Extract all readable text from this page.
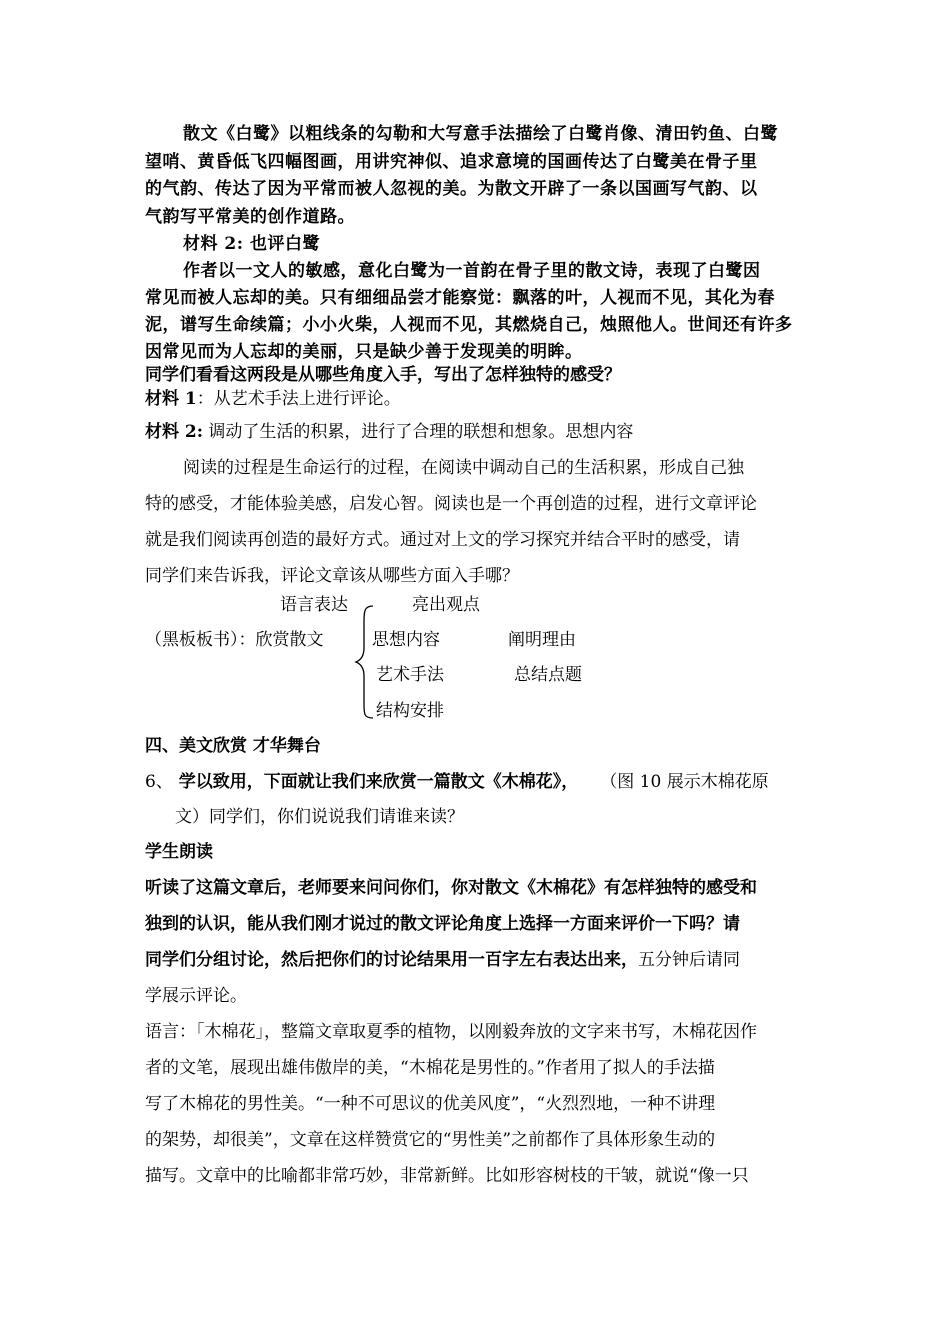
散文《白鹭》以粗线条的勾勒和大写意手法描绘了白鹭肖像、清田钓鱼、白鹭
望哨、黄昏低飞四幅图画，用讲究神似、追求意境的国画传达了白鹭美在骨子里
的气韵、传达了因为平常而被人忽视的美。为散文开辟了一条以国画写气韵、以
气韵写平常美的创作道路。
材料 2: 也评白鹭
作者以一文人的敏感，意化白鹭为一首韵在骨子里的散文诗，表现了白鹭因
常见而被人忘却的美。只有细细品尝才能察觉：飘落的叶，人视而不见，其化为春
泥，谱写生命续篇；小小火柴，人视而不见，其燃烧自己，烛照他人。世间还有许多
因常见而为人忘却的美丽，只是缺少善于发现美的明眸。
同学们看看这两段是从哪些角度入手，写出了怎样独特的感受？
材料 1：从艺术手法上进行评论。
材料 2: 调动了生活的积累，进行了合理的联想和想象。思想内容
阅读的过程是生命运行的过程，在阅读中调动自己的生活积累，形成自己独
特的感受，才能体验美感，启发心智。阅读也是一个再创造的过程，进行文章评论
就是我们阅读再创造的最好方式。通过对上文的学习探究并结合平时的感受，请
同学们来告诉我，评论文章该从哪些方面入手哪？
语言表达	亮出观点
（黑板板书）：欣赏散文	思想内容
艺术手法
结构安排
阐明理由
总结点题
四、美文欣赏 才华舞台
6、 学以致用，下面就让我们来欣赏一篇散文《木棉花》， （图 10 展示木棉花原
文）同学们，你们说说我们请谁来读？
学生朗读
听读了这篇文章后，老师要来问问你们，你对散文《木棉花》有怎样独特的感受和
独到的认识，能从我们刚才说过的散文评论角度上选择一方面来评价一下吗？请
同学们分组讨论，然后把你们的讨论结果用一百字左右表达出来，五分钟后请同
学展示评论。
语言：「木棉花」，整篇文章取夏季的植物，以刚毅奔放的文字来书写，木棉花因作
者的文笔，展现出雄伟傲岸的美，“木棉花是男性的。”作者用了拟人的手法描
写了木棉花的男性美。“一种不可思议的优美风度”，“火烈烈地，一种不讲理
的架势，却很美”，文章在这样赞赏它的“男性美”之前都作了具体形象生动的
描写。文章中的比喻都非常巧妙，非常新鲜。比如形容树枝的干皱，就说“像一只
